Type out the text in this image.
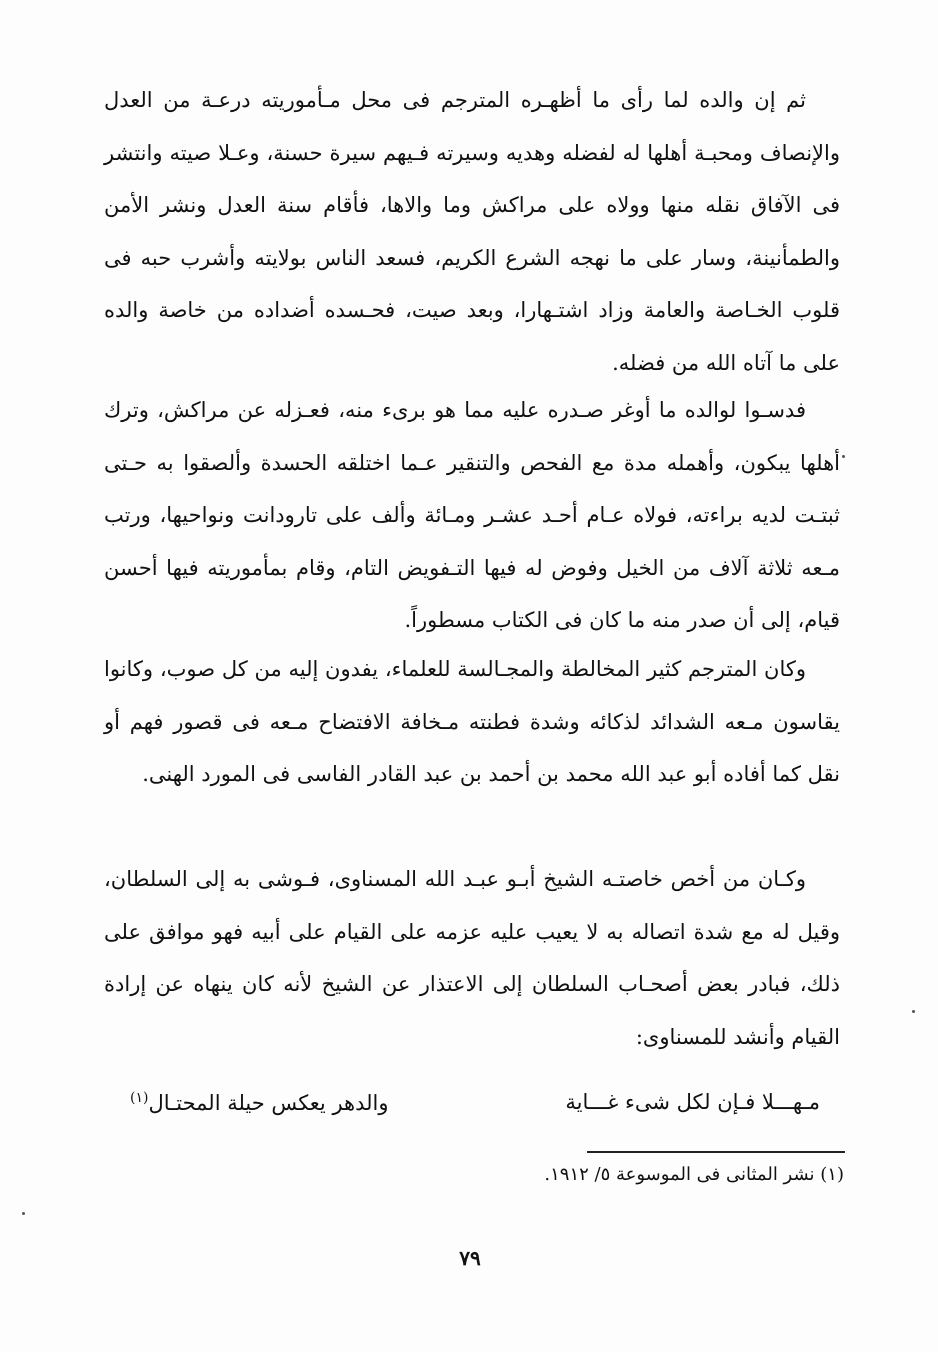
ثم إن والده لما رأى ما أظهـره المترجم فى محل مـأموريته درعـة من العدل والإنصاف ومحبـة أهلها له لفضله وهديه وسيرته فـيهم سيرة حسنة، وعـلا صيته وانتشر فى الآفاق نقله منها وولاه على مراكش وما والاها، فأقام سنة العدل ونشر الأمن والطمأنينة، وسار على ما نهجه الشرع الكريم، فسعد الناس بولايته وأشرب حبه فى قلوب الخـاصة والعامة وزاد اشتـهارا، وبعد صيت، فحـسده أضداده من خاصة والده على ما آتاه الله من فضله.

فدسـوا لوالده ما أوغر صـدره عليه مما هو برىء منه، فعـزله عن مراكش، وترك أهلها يبكون، وأهمله مدة مع الفحص والتنقير عـما اختلقه الحسدة وألصقوا به حـتى ثبتـت لديه براءته، فولاه عـام أحـد عشـر ومـائة وألف على تارودانت ونواحيها، ورتب مـعه ثلاثة آلاف من الخيل وفوض له فيها التـفويض التام، وقام بمأموريته فيها أحسن قيام، إلى أن صدر منه ما كان فى الكتاب مسطوراً.

وكان المترجم كثير المخالطة والمجـالسة للعلماء، يفدون إليه من كل صوب، وكانوا يقاسون مـعه الشدائد لذكائه وشدة فطنته مـخافة الافتضاح مـعه فى قصور فهم أو نقل كما أفاده أبو عبد الله محمد بن أحمد بن عبد القادر الفاسى فى المورد الهنى.

وكـان من أخص خاصتـه الشيخ أبـو عبـد الله المسناوى، فـوشى به إلى السلطان، وقيل له مع شدة اتصاله به لا يعيب عليه عزمه على القيام على أبيه فهو موافق على ذلك، فبادر بعض أصحـاب السلطان إلى الاعتذار عن الشيخ لأنه كان ينهاه عن إرادة القيام وأنشد للمسناوى:

مـهـــلا فـإن لكل شىء غـــاية
والدهر يعكس حيلة المحتـال$^{(١)}$
(١) نشر المثانى فى الموسوعة ٥/ ١٩١٢.
٧٩
